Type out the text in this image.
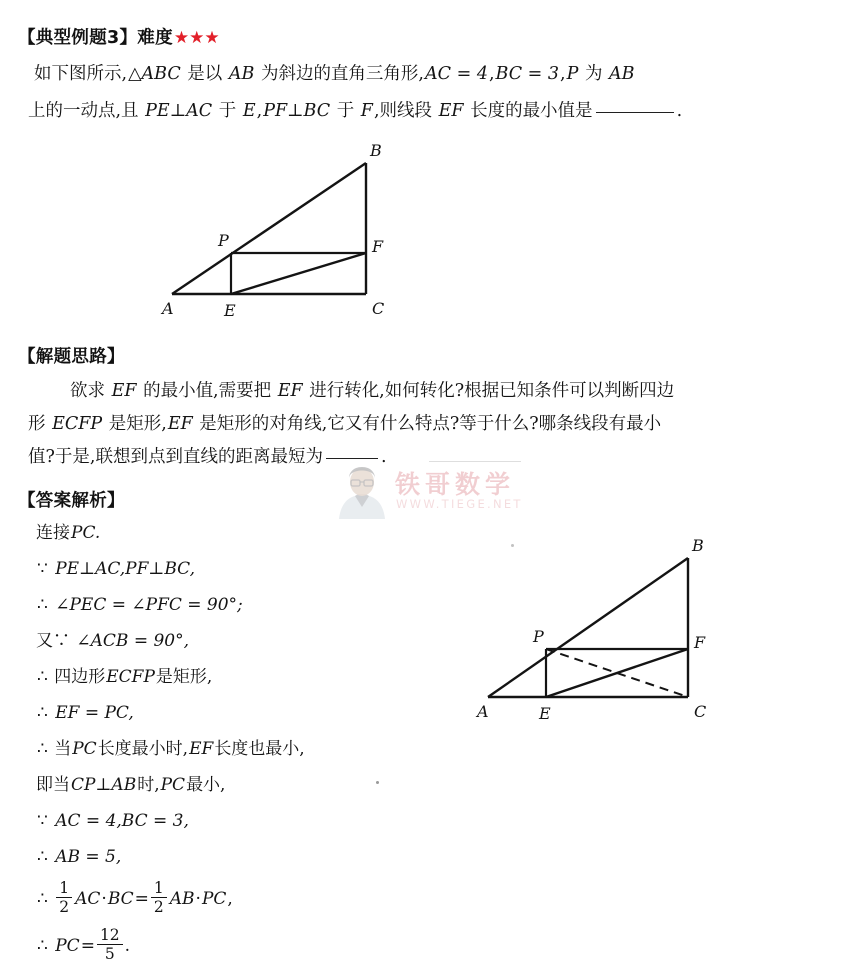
【典型例题3】难度★★★
如下图所示,△ABC 是以 AB 为斜边的直角三角形,AC = 4,BC = 3,P 为 AB
上的一动点,且 PE⊥AC 于 E,PF⊥BC 于 F,则线段 EF 长度的最小值是	.
A
B
C
P
E
F
【解题思路】
欲求 EF 的最小值,需要把 EF 进行转化,如何转化?根据已知条件可以判断四边
形 ECFP 是矩形,EF 是矩形的对角线,它又有什么特点?等于什么?哪条线段有最小
值?于是,联想到点到直线的距离最短为	.
铁哥数学
WWW.TIEGE.NET
【答案解析】
连接 PC.
∵
PE⊥AC,PF⊥BC,
∴
∠PEC = ∠PFC = 90°;
又∵
∠ACB = 90°,
∴
四边形 ECFP 是矩形,
∴
EF = PC,
∴
当 PC 长度最小时, EF 长度也最小,
即当 CP⊥AB 时, PC 最小,
∵
AC = 4,BC = 3,
∴
AB = 5,
∴
$\frac{1}{2}$ AC · BC = $\frac{1}{2}$ AB · PC ,
∴
PC = $\frac{12}{5}$ .
A
B
C
P
E
F
